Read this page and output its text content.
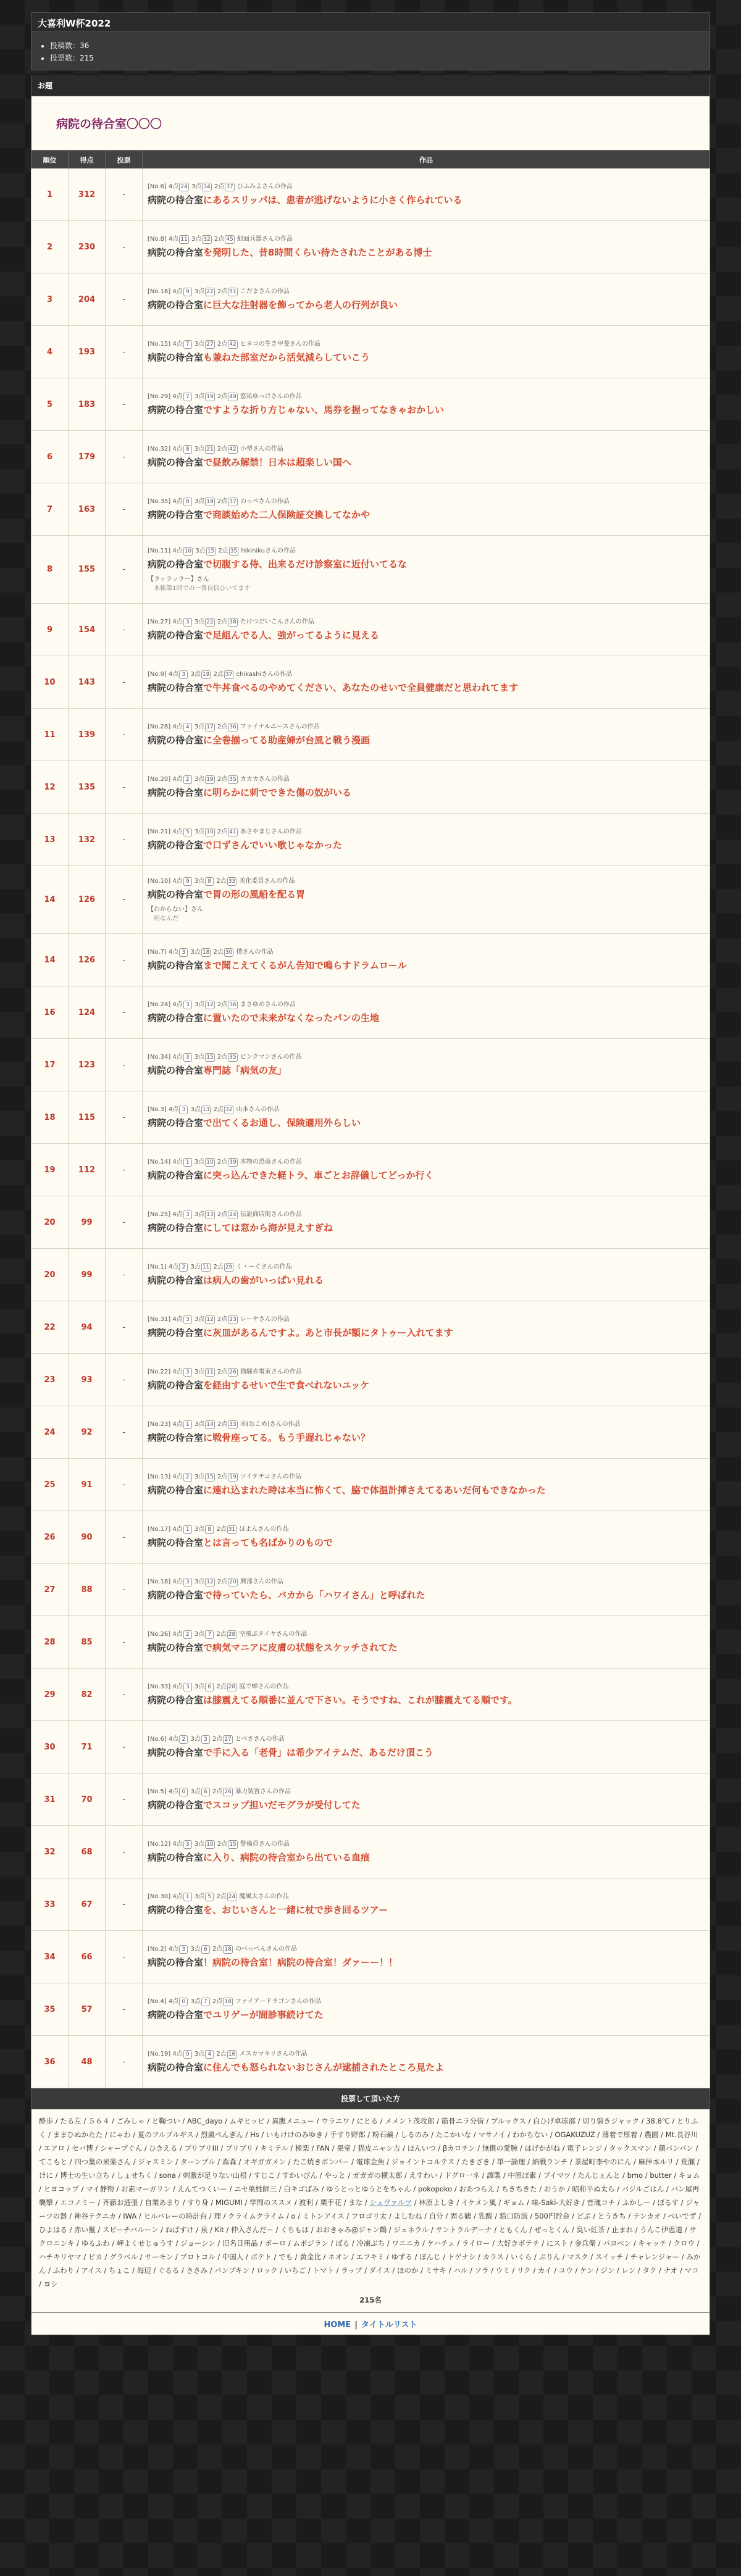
大喜利W杯2022
• 投稿数：36
• 投票数：215
お題
病院の待合室〇〇〇
順位	得点	投票	作品
1	312	-	[No.6] 4点 24 3点 34 2点 37 ひふみよさんの作品
病院の待合室にあるスリッパは、患者が逃げないように小さく作られている

2	230	-	[No.8] 4点 11 3点 32 2点 45 細面兵器さんの作品
病院の待合室を発明した、昔8時間くらい待たされたことがある博士

3	204	-	[No.16] 4点 9 3点 22 2点 51 こだまさんの作品
病院の待合室に巨大な注射器を飾ってから老人の行列が良い

4	193	-	[No.15] 4点 7 3点 27 2点 42 ヒヨコの生き甲斐さんの作品
病院の待合室も兼ねた部室だから活気減らしていこう

5	183	-	[No.29] 4点 7 3点 19 2点 49 悠祐ゆっけさんの作品
病院の待合室ですような折り方じゃない、馬券を握ってなきゃおかしい

6	179	-	[No.32] 4点 8 3点 21 2点 42 小型さんの作品
病院の待合室で昼飲み解禁！日本は超楽しい国へ

7	163	-	[No.35] 4点 8 3点 19 2点 37 のっぺさんの作品
病院の待合室で商談始めた二人保険証交換してなかや

8	155	-	[No.11] 4点 10 3点 15 2点 35 hikinikuさんの作品
病院の待合室で切腹する侍、出来るだけ診察室に近付いてるな
【ラッラッラー】さん
　本帳第1回での一番自信ひいてます

9	154	-	[No.27] 4点 3 3点 22 2点 38 たけつだいこんさんの作品
病院の待合室で足組んでる人、強がってるように見える

10	143	-	[No.9] 4点 3 3点 19 2点 37 chikashiさんの作品
病院の待合室で牛丼食べるのやめてください、あなたのせいで全員健康だと思われてます

11	139	-	[No.28] 4点 4 3点 17 2点 36 ファイナルエースさんの作品
病院の待合室に全巻揃ってる助産婦が台風と戦う漫画

12	135	-	[No.20] 4点 2 3点 19 2点 35 カカカさんの作品
病院の待合室に明らかに刺でできた傷の奴がいる

13	132	-	[No.21] 4点 5 3点 10 2点 41 あさやまじさんの作品
病院の待合室で口ずさんでいい歌じゃなかった

14	126	-	[No.10] 4点 9 3点 8 2点 33 美化委員さんの作品
病院の待合室で胃の形の風船を配る胃
【わからない】さん
　何なんだ

14	126	-	[No.7] 4点 3 3点 18 2点 30 僕さんの作品
病院の待合室まで聞こえてくるがん告知で鳴らすドラムロール

16	124	-	[No.24] 4点 3 3点 12 2点 36 まさゆめさんの作品
病院の待合室に置いたので未来がなくなったパンの生地

17	123	-	[No.34] 4点 3 3点 15 2点 35 ピンクマンさんの作品
病院の待合室専門誌「病気の友」

18	115	-	[No.3] 4点 3 3点 13 2点 32 山本さんの作品
病院の待合室で出てくるお通し、保険適用外らしい

19	112	-	[No.14] 4点 1 3点 10 2点 39 本物の恐竜さんの作品
病院の待合室に突っ込んできた軽トラ、車ごとお辞儀してどっか行く

20	99	-	[No.25] 4点 3 3点 13 2点 24 伝説商店街さんの作品
病院の待合室にしては窓から海が見えすぎね

20	99	-	[No.1] 4点 2 3点 11 2点 29 く・ーぐさんの作品
病院の待合室は病人の歯がいっぱい見れる

22	94	-	[No.31] 4点 3 3点 12 2点 23 レーヤさんの作品
病院の待合室に灰皿があるんですよ。あと市長が額にタトゥー入れてます

23	93	-	[No.22] 4点 3 3点 11 2点 26 猫騒赤電束さんの作品
病院の待合室を経由するせいで生で食べれないユッケ

24	92	-	[No.23] 4点 1 3点 14 2点 33 米(おこめ)さんの作品
病院の待合室に戦骨座ってる。もう手遅れじゃない？

25	91	-	[No.13] 4点 2 3点 15 2点 19 ツイテチコさんの作品
病院の待合室に連れ込まれた時は本当に怖くて、脇で体温計挿さえてるあいだ何もできなかった

26	90	-	[No.17] 4点 1 3点 8 2点 31 ほよんさんの作品
病院の待合室とは言っても名ばかりのもので

27	88	-	[No.18] 4点 3 3点 12 2点 20 興部さんの作品
病院の待合室で待っていたら、バカから「ハワイさん」と呼ばれた

28	85	-	[No.26] 4点 2 3点 7 2点 28 空飛ぶタイヤさんの作品
病院の待合室で病気マニアに皮膚の状態をスケッチされてた

29	82	-	[No.33] 4点 3 3点 6 2点 28 庭で蝉さんの作品
病院の待合室は膝震えてる順番に並んで下さい。そうですね、これが膝震えてる順です。

30	71	-	[No.6] 4点 2 3点 3 2点 27 とべささんの作品
病院の待合室で手に入る「老骨」は希少アイテムだ、あるだけ頂こう

31	70	-	[No.5] 4点 0 3点 6 2点 26 暴力装置さんの作品
病院の待合室でスコップ担いだモグラが受付してた

32	68	-	[No.12] 4点 3 3点 10 2点 15 警備員さんの作品
病院の待合室に入り、病院の待合室から出ている血痕

33	67	-	[No.30] 4点 1 3点 5 2点 24 魔風太さんの作品
病院の待合室を、おじいさんと一緒に杖で歩き回るツアー

34	66	-	[No.2] 4点 3 3点 6 2点 18 のべっぺんさんの作品
病院の待合室！病院の待合室！病院の待合室！ダァーー！！

35	57	-	[No.4] 4点 0 3点 7 2点 18 ファイアードラゴンさんの作品
病院の待合室でユリゲーが間診事続けてた

36	48	-	[No.19] 4点 0 3点 4 2点 16 メスカマキリさんの作品
病院の待合室に住んでも怒られないおじさんが逮捕されたところ見たよ
投票して頂いた方
酔歩 / たる左 / ５６４ / ごみしゃ / と鞠つい / ABC_dayo / ムギヒッピ / 異腹メニュー / ウラニワ / にとる / メメント茂攻郎 / 筋骨ニラ分街 / ブルックス / 白ひげ卓球部 / 切り裂きジャック / 38.8℃ / とりふく / ままひぬかたた / にゃわ / 夏のフルブルギス / 烈風ぺんぎん / Hs / いもけけのみゆき / 手すり野郎 / 粉石鹸 / しるのみ / たこかいな / マサノイ / わかちない / OGAKUZUZ / 薄着で厚着 / 農園 / Mt.長谷川 / エアロ / セバ博 / シャープぐん / ひきえる / ブリブリIII / ブリブリ / キミテル / 極楽 / FAN / 果堂 / 猫皮ニャン吉 / ほんいつ / βカロチン / 無償の愛腕 / はげかがね / 電子レンジ / タックスマン / 顔パンパン / てこもと / 四つ葉の果楽さん / ジャスミン / ターンブル / 森森 / オギガガメン / たこ焼きボンバー / 電球金魚 / ジョイントコルテス / たきざき / 単一論理 / 納戦ランチ / 茶屋町李やのにん / 麻拝本ルリ / 荒瀬 / けに / 博士の生い立ち / しょせちく / sona / 刺激が足りない山根 / すじこ / すかいびん / やっと / ガガガの横太郎 / えすわい / ドグロ一ネ / 譚製 / 中原ぼ素 / ブイマツ / たんじぇんと / bmo / butter / キョム / ヒヨコップ / マイ静物 / お素マーガリン / えんてつくいー / ニセ菓姓師三 / 白キゴぱみ / ゆうとっとゆうとをちゃん / pokopoko / おあつらえ / ちきちきた / おうか / 昭和半ぬ太ら / パジルごはん / パン屋再襲撃 / エコノミー / 斉藤お通張 / 自業あまり / すり身 / MIGUMI / 学問のススメ / 渡利 / 栗手花 / まな / シュヴァルツ / 林原よしき / イケメン風 / ギョム / 味-Saki-大好き / 音魂コチ / ふかしー / ぼるす / ジャーツの器 / 神谷テクニカ / IWA / ヒルバレーの時計台 / 理 / クライムクライム / o / ミトンアイス / フロゴリ太 / よしむね / 自分 / 固る鶴 / 乳酸 / 鉛口防流 / 500円貯金 / どぷ / とうきち / テンカオ / ぺいでず / ひよはる / 赤い鬣 / スピーチバルーン / ねばすけ / 泉 / Kit / 仲入さんだー / くちもは / おおきゃみ@ジャン鶴 / ジェネラル / サントラルデーナ / ともくん / ぜっとくん / 臭い紅茶 / 止まれ / うんこ伊恵道 / サクロニンキ / ゆるふわ / 岬よくせじゅうす / ジョーシン / 旧名日用品 / ボーロ / ムポジラン / ばる / 冷凍ぶち / ワニニカ / ケハチェ / ライロー / 大好きポテチ / にスト / 金兵衛 / パヨベン / キャッチ / クロウ / ハチキリヤマ / ピカ / グラベル / サーモン / プロトコル / 中国人 / ポテト / でも / 黄金比 / ネオン / エフキミ / ゆずる / ぼんじ / トゲナシ / カラス / いくら / ぷりん / マスク / スイッチ / チャレンジャー / みかん / ふわり / アイス / ちょこ / 海辺 / ぐるる / ささみ / パンプキン / ロック / いちご / トマト / ラップ / ダイス / ほのか / ミサキ / ハル / ソラ / ウミ / リク / カイ / ユウ / ケン / ジン / レン / タク / ナオ / マコ / ヨシ
215名
HOME | タイトルリスト
